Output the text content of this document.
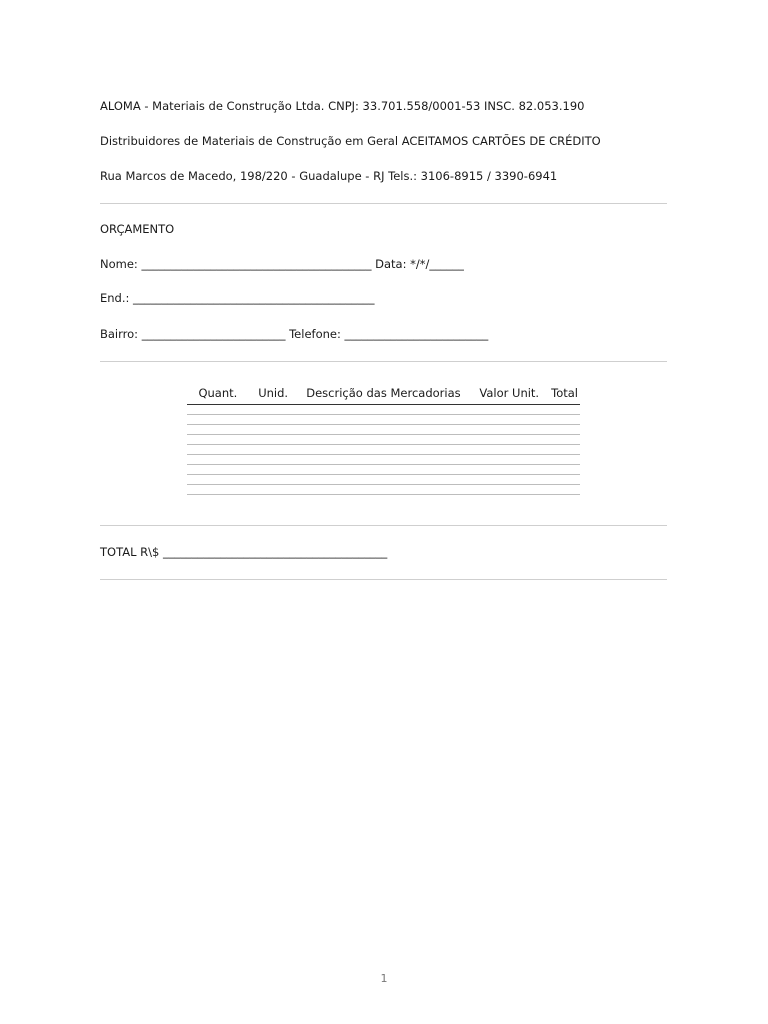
ALOMA - Materiais de Construção Ltda. CNPJ: 33.701.558/0001-53 INSC. 82.053.190
Distribuidores de Materiais de Construção em Geral ACEITAMOS CARTÕES DE CRÉDITO
Rua Marcos de Macedo, 198/220 - Guadalupe - RJ Tels.: 3106-8915 / 3390-6941
ORÇAMENTO
Nome: ________________________________________ Data: */*/______
End.: __________________________________________
Bairro: _________________________ Telefone: _________________________
Quant.	Unid.	Descrição das Mercadorias	Valor Unit.	Total

TOTAL R\$ _______________________________________
1
